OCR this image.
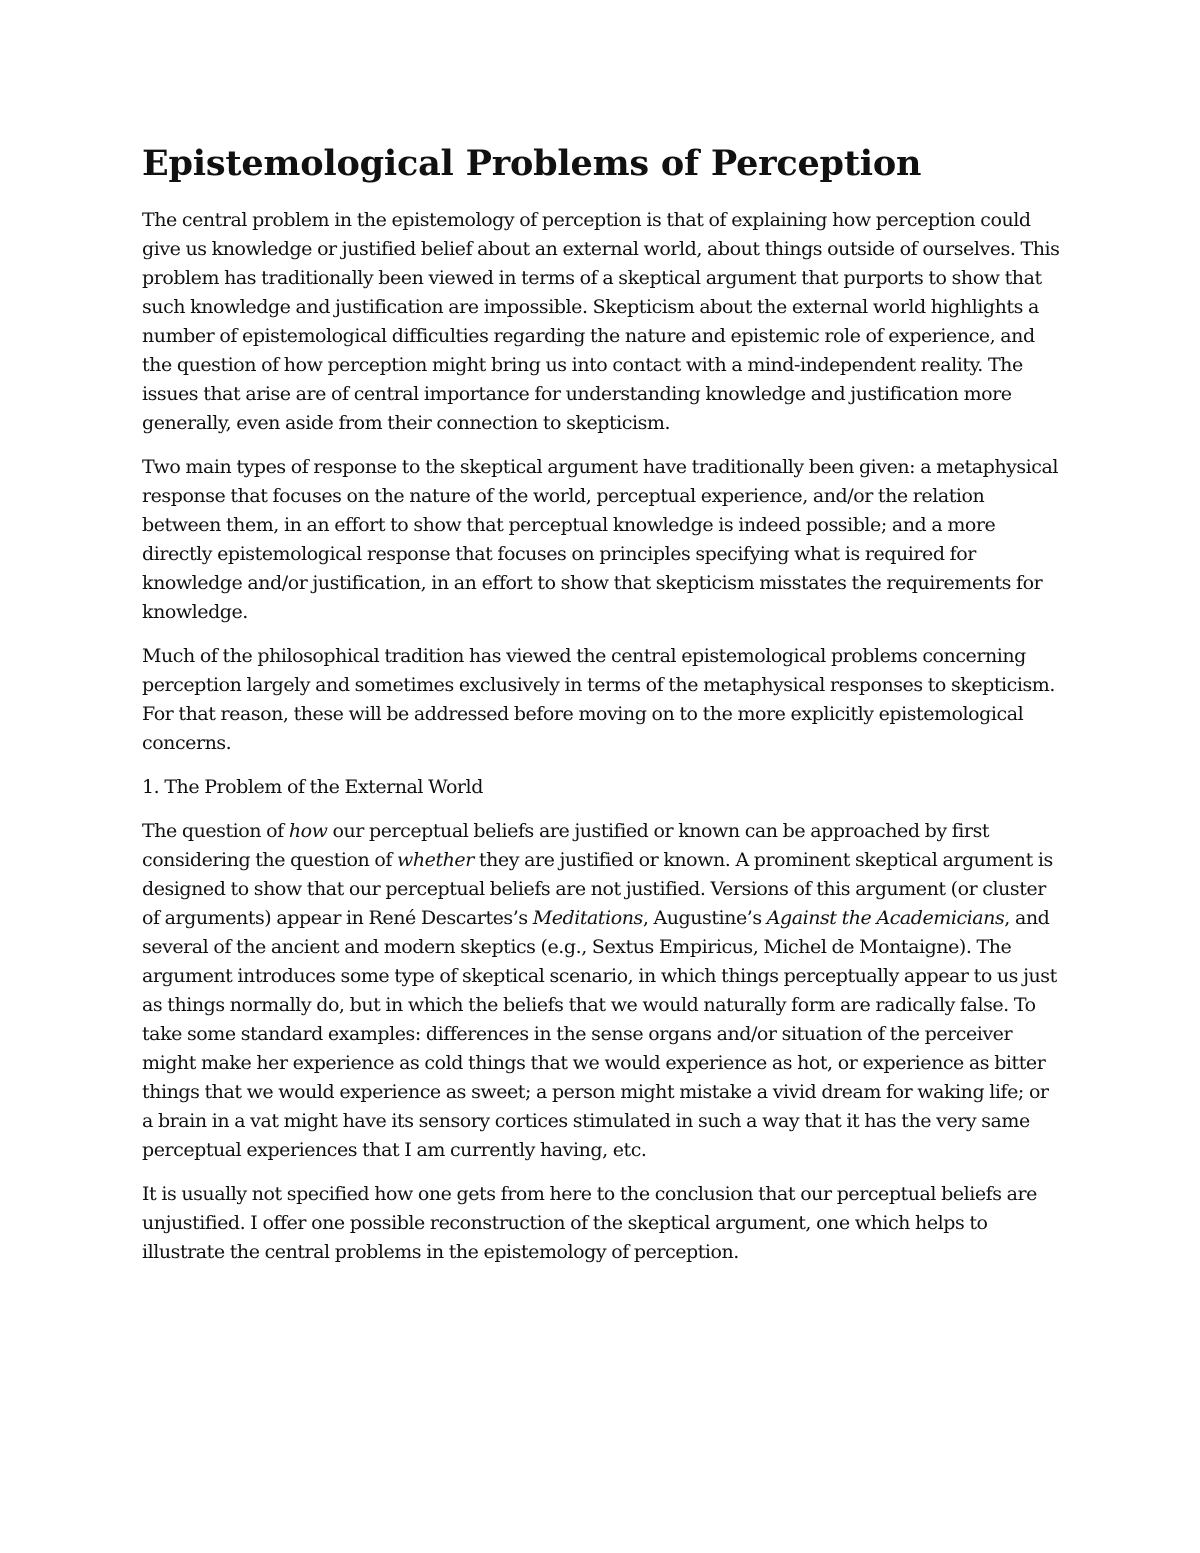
Epistemological Problems of Perception

The central problem in the epistemology of perception is that of explaining how perception could give us knowledge or justified belief about an external world, about things outside of ourselves. This problem has traditionally been viewed in terms of a skeptical argument that purports to show that such knowledge and justification are impossible. Skepticism about the external world highlights a number of epistemological difficulties regarding the nature and epistemic role of experience, and the question of how perception might bring us into contact with a mind-independent reality. The issues that arise are of central importance for understanding knowledge and justification more generally, even aside from their connection to skepticism.

Two main types of response to the skeptical argument have traditionally been given: a metaphysical response that focuses on the nature of the world, perceptual experience, and/or the relation between them, in an effort to show that perceptual knowledge is indeed possible; and a more directly epistemological response that focuses on principles specifying what is required for knowledge and/or justification, in an effort to show that skepticism misstates the requirements for knowledge.

Much of the philosophical tradition has viewed the central epistemological problems concerning perception largely and sometimes exclusively in terms of the metaphysical responses to skepticism. For that reason, these will be addressed before moving on to the more explicitly epistemological concerns.

1. The Problem of the External World

The question of how our perceptual beliefs are justified or known can be approached by first considering the question of whether they are justified or known. A prominent skeptical argument is designed to show that our perceptual beliefs are not justified. Versions of this argument (or cluster of arguments) appear in René Descartes’s Meditations, Augustine’s Against the Academicians, and several of the ancient and modern skeptics (e.g., Sextus Empiricus, Michel de Montaigne). The argument introduces some type of skeptical scenario, in which things perceptually appear to us just as things normally do, but in which the beliefs that we would naturally form are radically false. To take some standard examples: differences in the sense organs and/or situation of the perceiver might make her experience as cold things that we would experience as hot, or experience as bitter things that we would experience as sweet; a person might mistake a vivid dream for waking life; or a brain in a vat might have its sensory cortices stimulated in such a way that it has the very same perceptual experiences that I am currently having, etc.

It is usually not specified how one gets from here to the conclusion that our perceptual beliefs are unjustified. I offer one possible reconstruction of the skeptical argument, one which helps to illustrate the central problems in the epistemology of perception.
